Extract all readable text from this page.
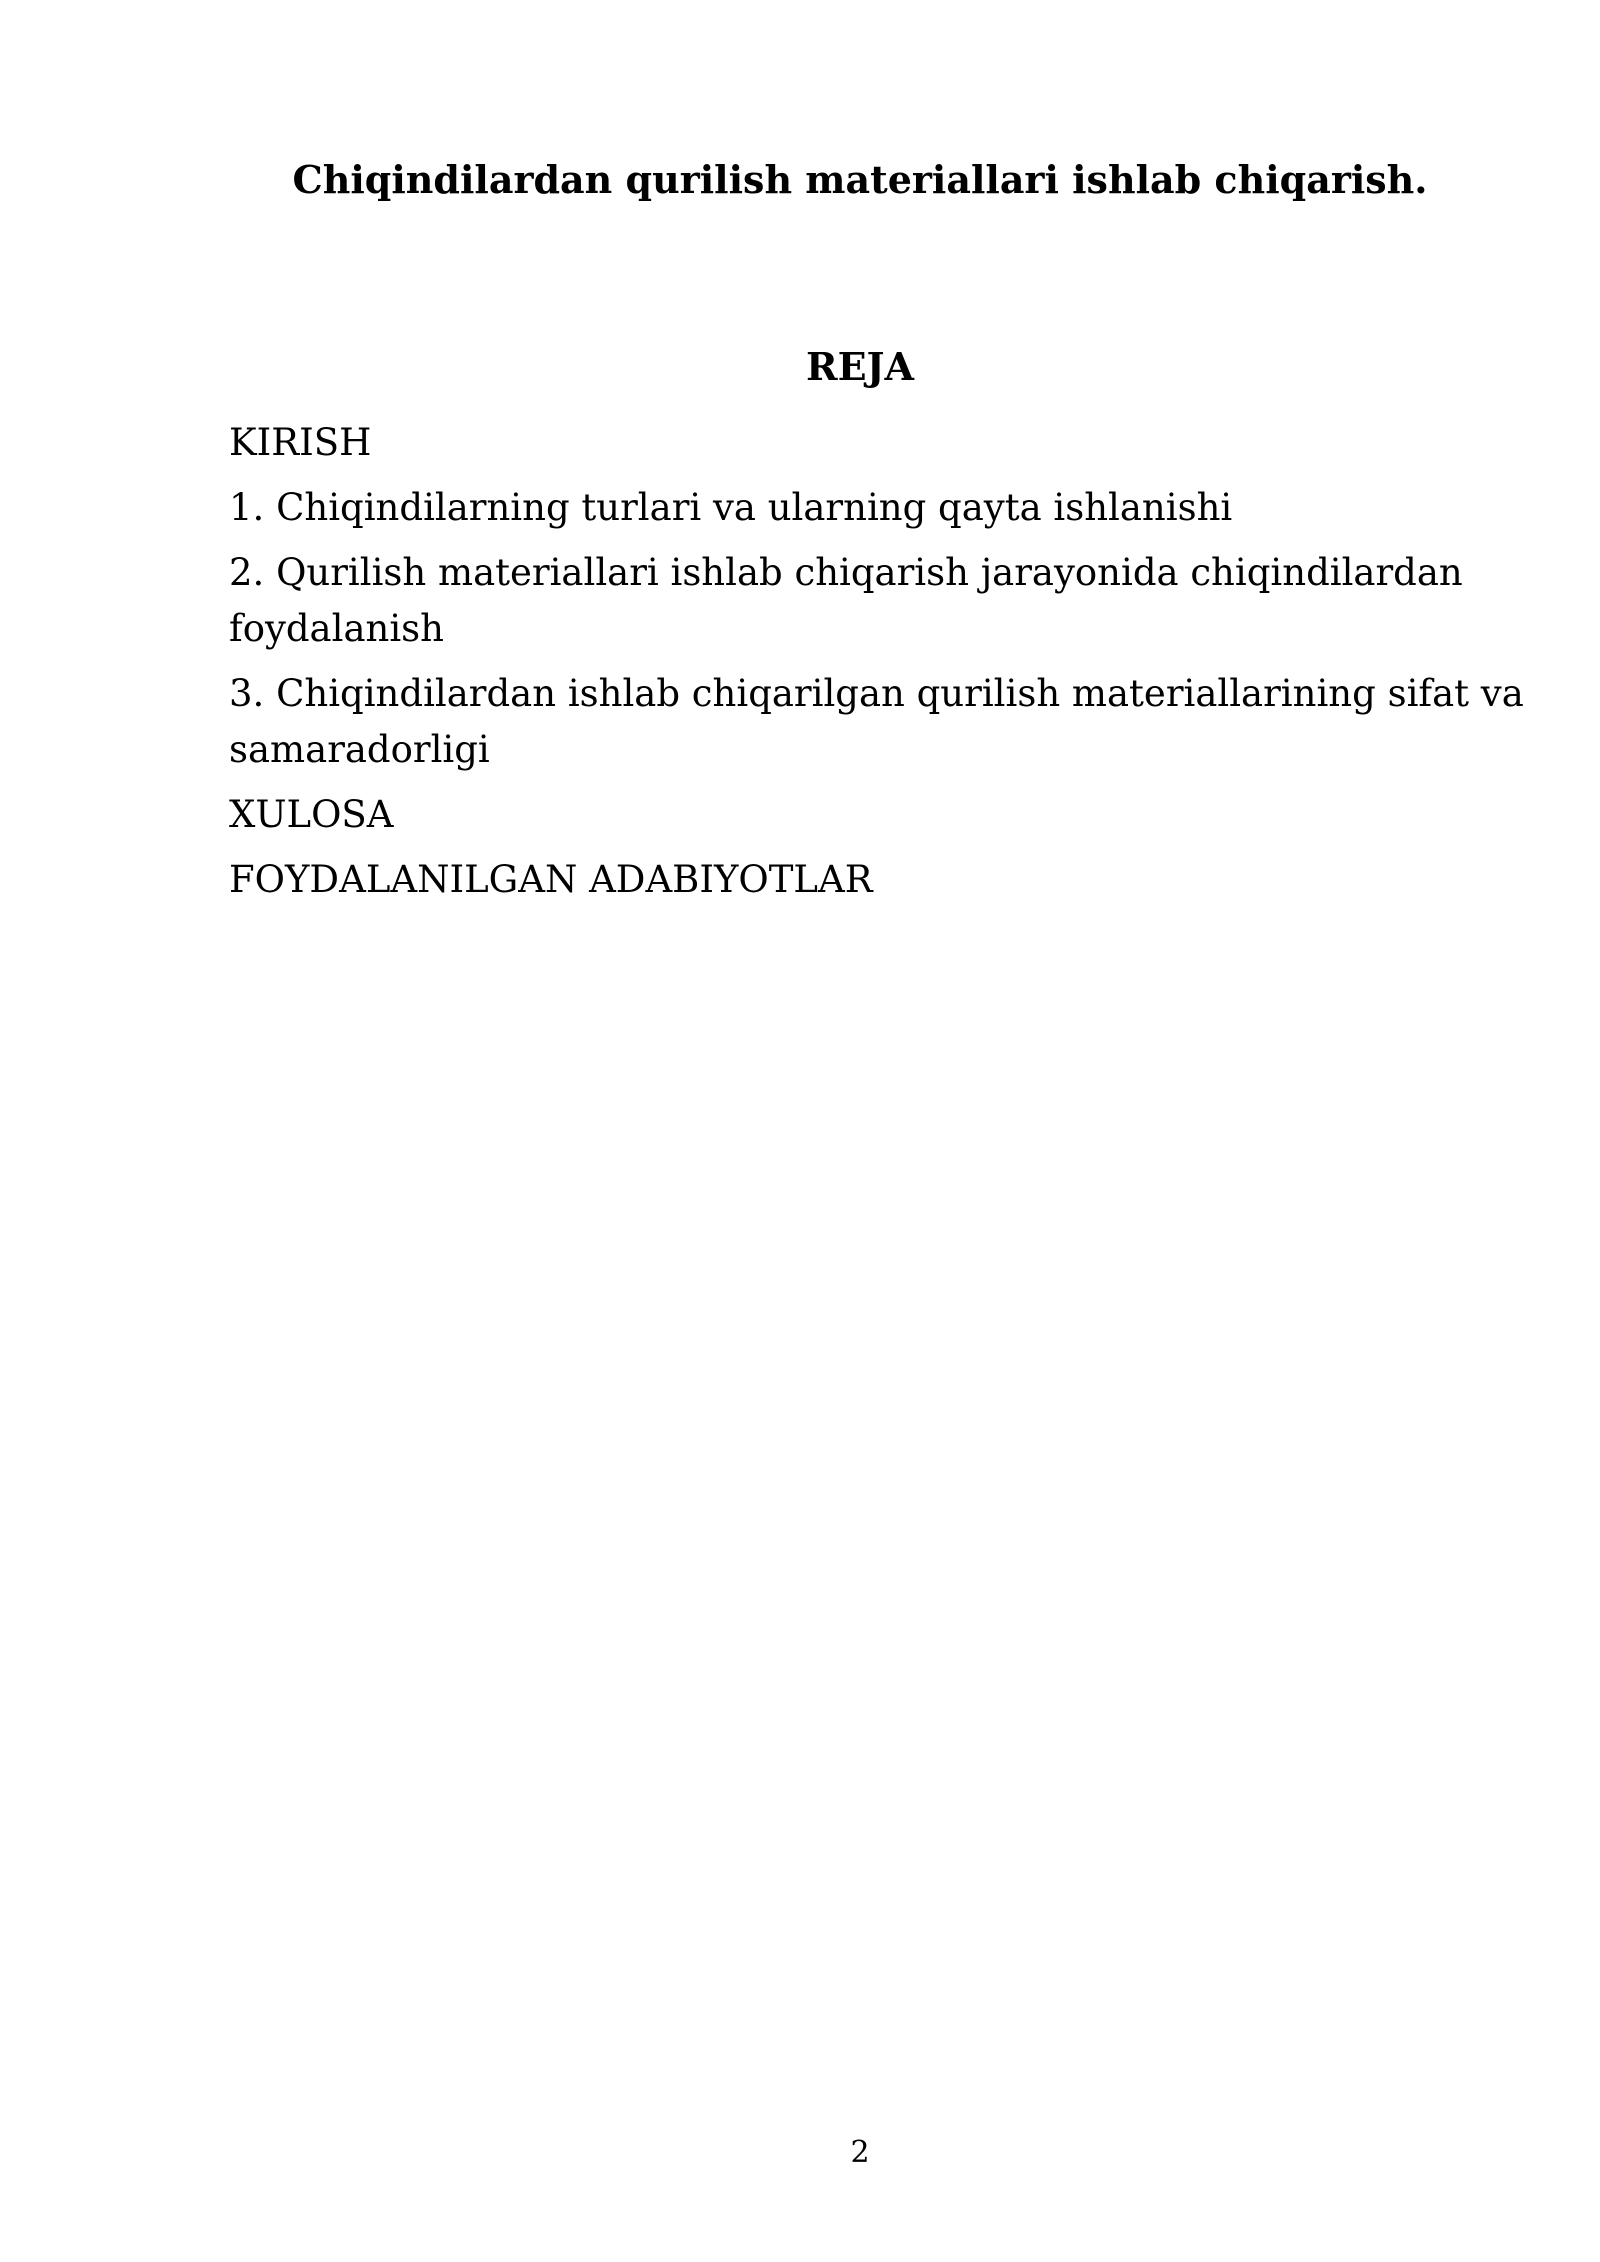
Chiqindilardan qurilish materiallari ishlab chiqarish.
REJA
KIRISH
1. Chiqindilarning turlari va ularning qayta ishlanishi
2. Qurilish materiallari ishlab chiqarish jarayonida chiqindilardan foydalanish
3. Chiqindilardan ishlab chiqarilgan qurilish materiallarining sifat va samaradorligi
XULOSA
FOYDALANILGAN ADABIYOTLAR
2
